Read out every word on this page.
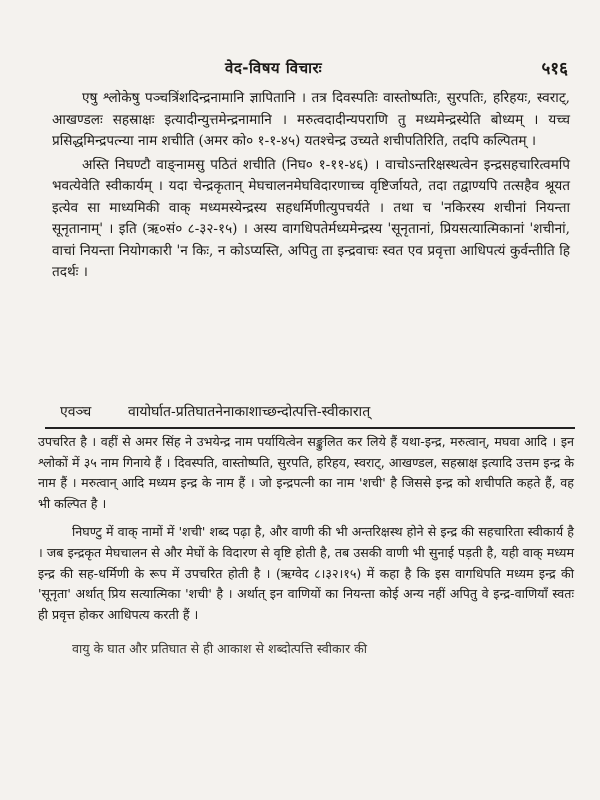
वेद-विषय विचारः	५१६

एषु श्लोकेषु पञ्चत्रिंशदिन्द्रनामानि ज्ञापितानि । तत्र दिवस्पतिः वास्तोष्पतिः, सुरपतिः, हरिहयः, स्वराट्, आखण्डलः सहस्राक्षः इत्यादीन्युत्तमेन्द्रनामानि । मरुत्वदादीन्यपराणि तु मध्यमेन्द्रस्येति बोध्यम् । यच्च प्रसिद्धमिन्द्रपत्न्या नाम शचीति (अमर को० १-१-४५) यतश्चेन्द्र उच्यते शचीपतिरिति, तदपि कल्पितम् ।

अस्ति निघण्टौ वाङ्नामसु पठितं शचीति (निघ० १-११-४६) । वाचोऽन्तरिक्षस्थत्वेन इन्द्रसहचारित्वमपि भवत्येवेति स्वीकार्यम् । यदा चेन्द्रकृतान् मेघचालनमेघविदारणाच्च वृष्टिर्जायते, तदा तद्वाण्यपि तत्सहैव श्रूयत इत्येव सा माध्यमिकी वाक् मध्यमस्येन्द्रस्य सहधर्मिणीत्युपचर्यते । तथा च 'नकिरस्य शचीनां नियन्ता सूनृतानाम्' । इति (ऋ०सं० ८-३२-१५) । अस्य वागधिपतेर्मध्यमेन्द्रस्य 'सूनृतानां, प्रियसत्यात्मिकानां 'शचीनां, वाचां नियन्ता नियोगकारी 'न किः, न कोऽप्यस्ति, अपितु ता इन्द्रवाचः स्वत एव प्रवृत्ता आधिपत्यं कुर्वन्तीति हि तदर्थः ।

एवञ्च	वायोर्घात-प्रतिघातनेनाकाशाच्छन्दोत्पत्ति-स्वीकारात्

उपचरित है । वहीं से अमर सिंह ने उभयेन्द्र नाम पर्यायित्वेन सङ्कुलित कर लिये हैं यथा-इन्द्र, मरुत्वान्, मघवा आदि । इन श्लोकों में ३५ नाम गिनाये हैं । दिवस्पति, वास्तोष्पति, सुरपति, हरिहय, स्वराट्, आखण्डल, सहस्राक्ष इत्यादि उत्तम इन्द्र के नाम हैं । मरुत्वान् आदि मध्यम इन्द्र के नाम हैं । जो इन्द्रपत्नी का नाम 'शची' है जिससे इन्द्र को शचीपति कहते हैं, वह भी कल्पित है ।

निघण्टु में वाक् नामों में 'शची' शब्द पढ़ा है, और वाणी की भी अन्तरिक्षस्थ होने से इन्द्र की सहचारिता स्वीकार्य है । जब इन्द्रकृत मेघचालन से और मेघों के विदारण से वृष्टि होती है, तब उसकी वाणी भी सुनाई पड़ती है, यही वाक् मध्यम इन्द्र की सह-धर्मिणी के रूप में उपचरित होती है । (ऋग्वेद ८।३२।१५) में कहा है कि इस वागधिपति मध्यम इन्द्र की 'सूनृता' अर्थात् प्रिय सत्यात्मिका 'शची' है । अर्थात् इन वाणियों का नियन्ता कोई अन्य नहीं अपितु वे इन्द्र-वाणियाँ स्वतः ही प्रवृत्त होकर आधिपत्य करती हैं ।

वायु के घात और प्रतिघात से ही आकाश से शब्दोत्पत्ति स्वीकार की
